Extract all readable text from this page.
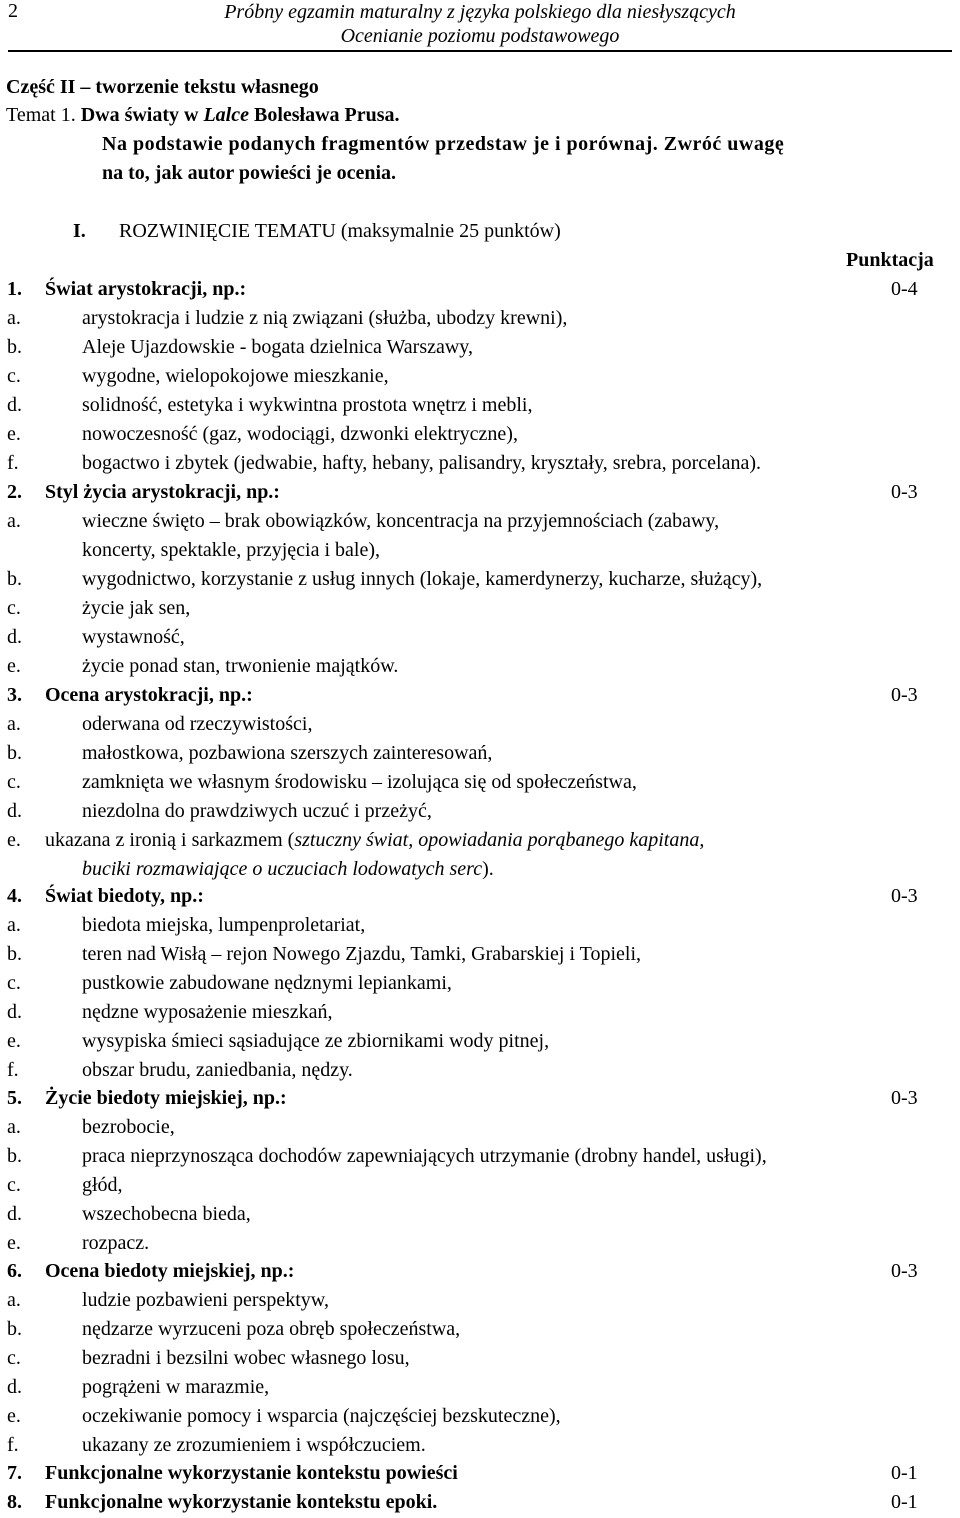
2	Próbny egzamin maturalny z języka polskiego dla niesłyszących
Ocenianie poziomu podstawowego
Część II – tworzenie tekstu własnego
Temat 1. Dwa światy w Lalce Bolesława Prusa.
Na podstawie podanych fragmentów przedstaw je i porównaj. Zwróć uwagę
na to, jak autor powieści je ocenia.
I. ROZWINIĘCIE TEMATU (maksymalnie 25 punktów)
Punktacja
1. Świat arystokracji, np.:	0-4
a.	arystokracja i ludzie z nią związani (służba, ubodzy krewni),
b.	Aleje Ujazdowskie - bogata dzielnica Warszawy,
c.	wygodne, wielopokojowe mieszkanie,
d.	solidność, estetyka i wykwintna prostota wnętrz i mebli,
e.	nowoczesność (gaz, wodociągi, dzwonki elektryczne),
f.	bogactwo i zbytek (jedwabie, hafty, hebany, palisandry, kryształy, srebra, porcelana).
2. Styl życia arystokracji, np.:	0-3
a.	wieczne święto – brak obowiązków, koncentracja na przyjemnościach (zabawy,
koncerty, spektakle, przyjęcia i bale),
b.	wygodnictwo, korzystanie z usług innych (lokaje, kamerdynerzy, kucharze, służący),
c.	życie jak sen,
d.	wystawność,
e.	życie ponad stan, trwonienie majątków.
3. Ocena arystokracji, np.:	0-3
a.	oderwana od rzeczywistości,
b.	małostkowa, pozbawiona szerszych zainteresowań,
c.	zamknięta we własnym środowisku – izolująca się od społeczeństwa,
d.	niezdolna do prawdziwych uczuć i przeżyć,
e. ukazana z ironią i sarkazmem (sztuczny świat, opowiadania porąbanego kapitana,
buciki rozmawiające o uczuciach lodowatych serc).
4. Świat biedoty, np.:	0-3
a.	biedota miejska, lumpenproletariat,
b.	teren nad Wisłą – rejon Nowego Zjazdu, Tamki, Grabarskiej i Topieli,
c.	pustkowie zabudowane nędznymi lepiankami,
d.	nędzne wyposażenie mieszkań,
e.	wysypiska śmieci sąsiadujące ze zbiornikami wody pitnej,
f.	obszar brudu, zaniedbania, nędzy.
5. Życie biedoty miejskiej, np.:	0-3
a.	bezrobocie,
b.	praca nieprzynosząca dochodów zapewniających utrzymanie (drobny handel, usługi),
c.	głód,
d.	wszechobecna bieda,
e.	rozpacz.
6. Ocena biedoty miejskiej, np.:	0-3
a.	ludzie pozbawieni perspektyw,
b.	nędzarze wyrzuceni poza obręb społeczeństwa,
c.	bezradni i bezsilni wobec własnego losu,
d.	pogrążeni w marazmie,
e.	oczekiwanie pomocy i wsparcia (najczęściej bezskuteczne),
f.	ukazany ze zrozumieniem i współczuciem.
7. Funkcjonalne wykorzystanie kontekstu powieści	0-1
8. Funkcjonalne wykorzystanie kontekstu epoki.	0-1
